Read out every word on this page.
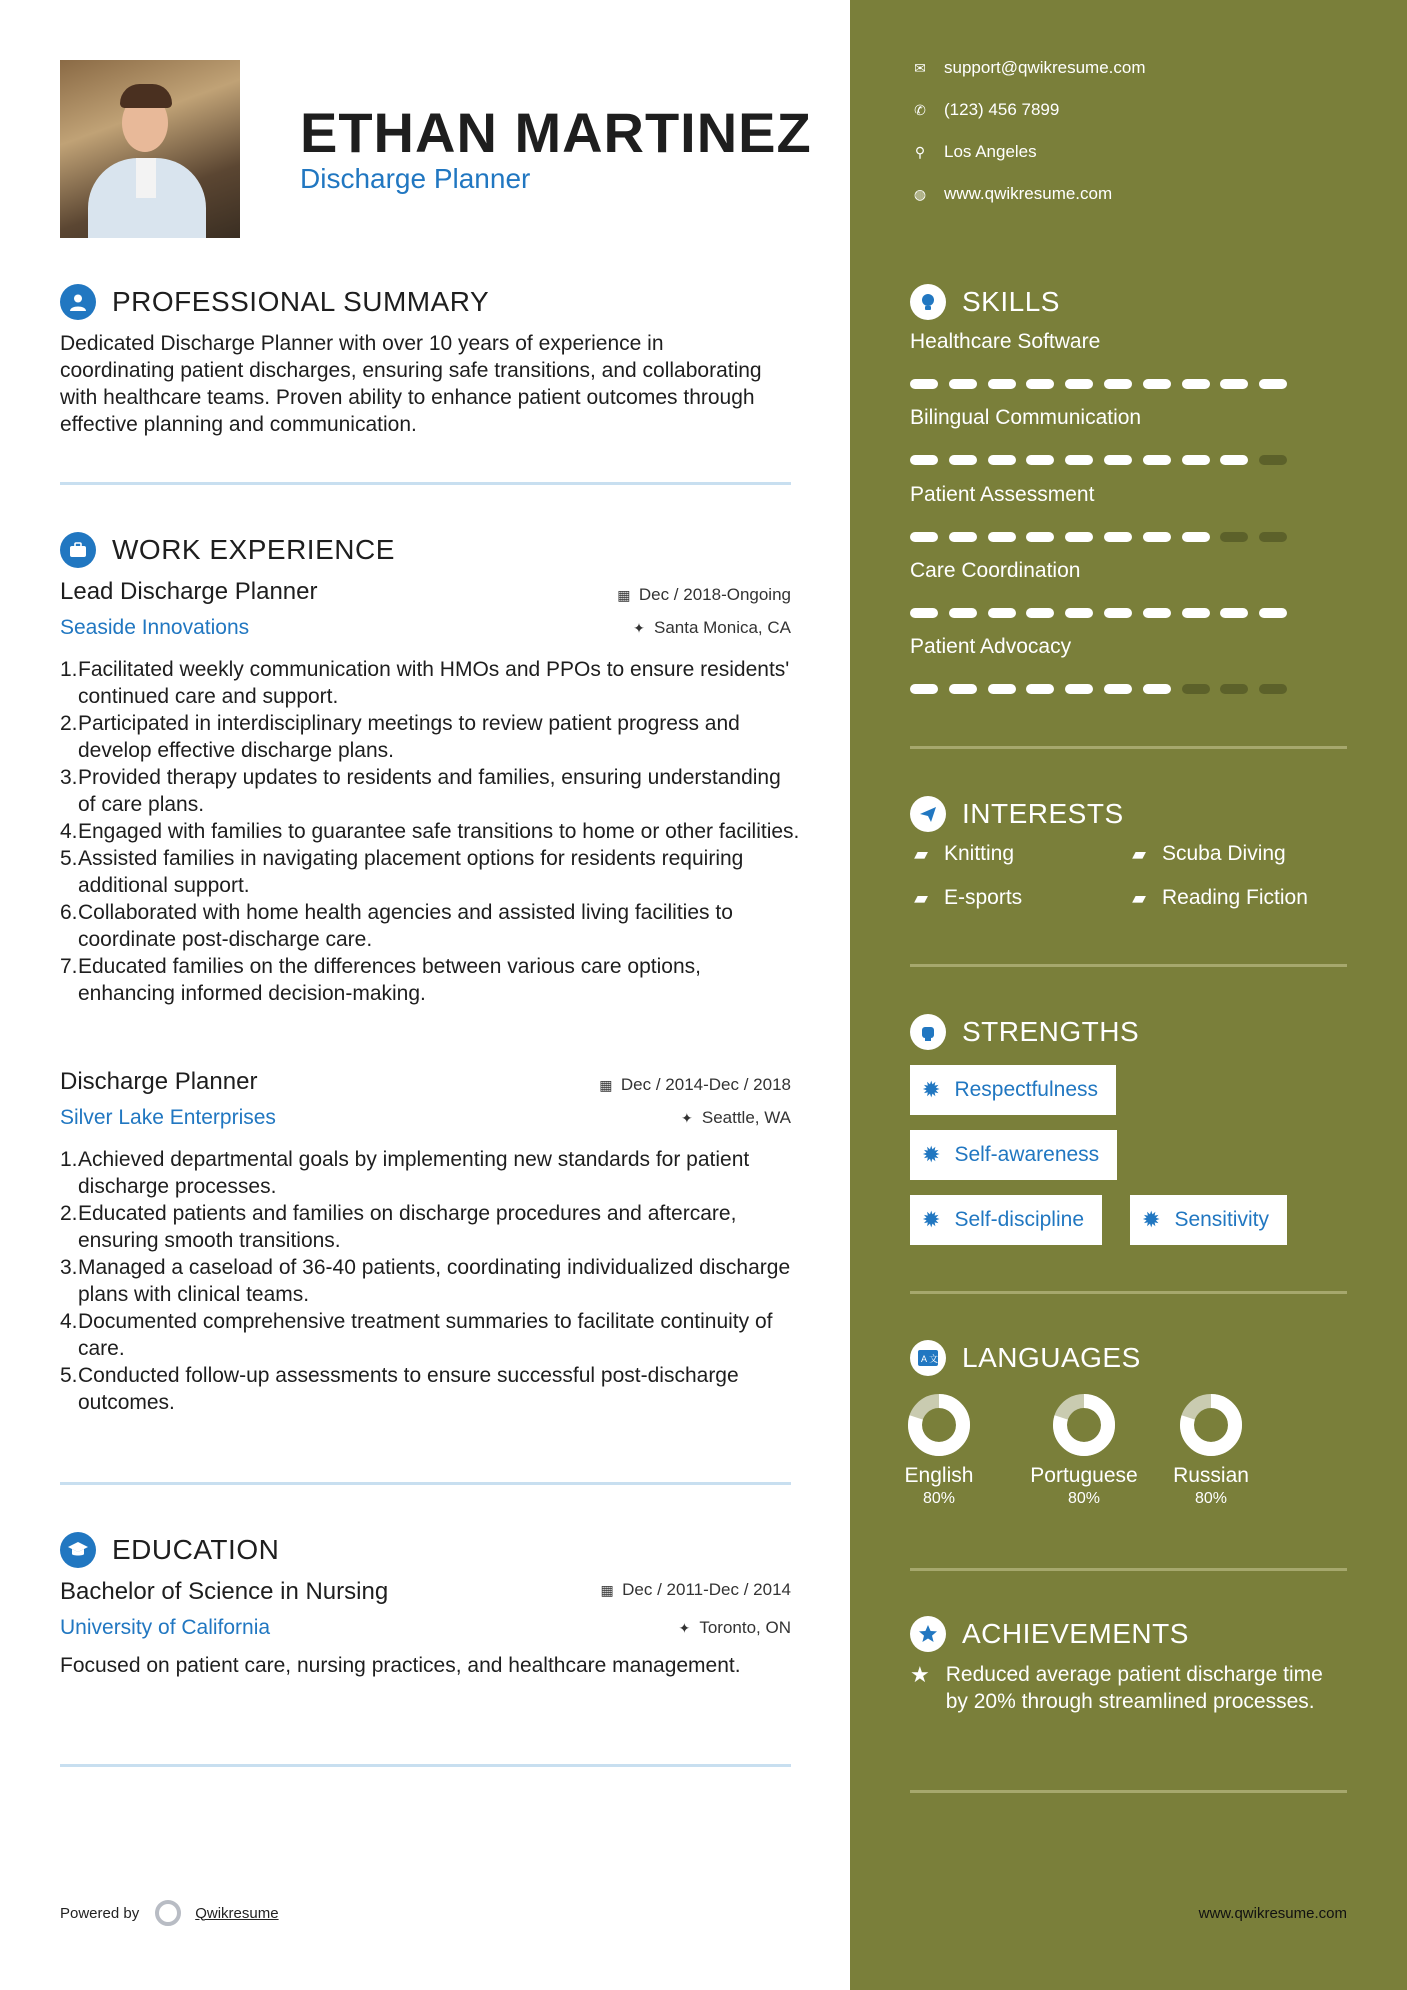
ETHAN MARTINEZ
Discharge Planner
PROFESSIONAL SUMMARY
Dedicated Discharge Planner with over 10 years of experience in coordinating patient discharges, ensuring safe transitions, and collaborating with healthcare teams. Proven ability to enhance patient outcomes through effective planning and communication.
WORK EXPERIENCE
Lead Discharge Planner	▦ Dec / 2018-Ongoing
Seaside Innovations	✦ Santa Monica, CA
1. Facilitated weekly communication with HMOs and PPOs to ensure residents' continued care and support.
2. Participated in interdisciplinary meetings to review patient progress and develop effective discharge plans.
3. Provided therapy updates to residents and families, ensuring understanding of care plans.
4. Engaged with families to guarantee safe transitions to home or other facilities.
5. Assisted families in navigating placement options for residents requiring additional support.
6. Collaborated with home health agencies and assisted living facilities to coordinate post-discharge care.
7. Educated families on the differences between various care options, enhancing informed decision-making.
Discharge Planner	▦ Dec / 2014-Dec / 2018
Silver Lake Enterprises	✦ Seattle, WA
1. Achieved departmental goals by implementing new standards for patient discharge processes.
2. Educated patients and families on discharge procedures and aftercare, ensuring smooth transitions.
3. Managed a caseload of 36-40 patients, coordinating individualized discharge plans with clinical teams.
4. Documented comprehensive treatment summaries to facilitate continuity of care.
5. Conducted follow-up assessments to ensure successful post-discharge outcomes.
EDUCATION
Bachelor of Science in Nursing	▦ Dec / 2011-Dec / 2014
University of California	✦ Toronto, ON
Focused on patient care, nursing practices, and healthcare management.
Powered by	Qwikresume
✉ support@qwikresume.com
✆ (123) 456 7899
⚲ Los Angeles
◍ www.qwikresume.com
SKILLS
Healthcare Software
Bilingual Communication
Patient Assessment
Care Coordination
Patient Advocacy
INTERESTS
▰ Knitting	▰ Scuba Diving
▰ E-sports	▰ Reading Fiction
STRENGTHS
✹ Respectfulness
✹ Self-awareness
✹ Self-discipline	✹ Sensitivity
A 文 LANGUAGES
English
80%
Portuguese
80%
Russian
80%
ACHIEVEMENTS
★ Reduced average patient discharge time by 20% through streamlined processes.
www.qwikresume.com
